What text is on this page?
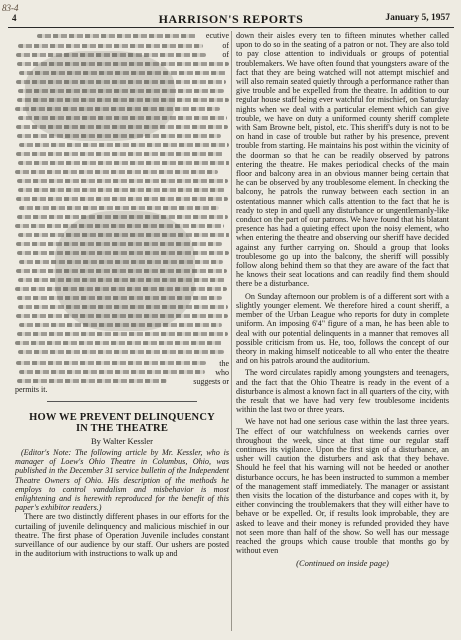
83-4
4	HARRISON'S REPORTS	January 5, 1957
ecutive
of
of
the
who
suggests or
permits it.
HOW WE PREVENT DELINQUENCY
IN THE THEATRE
By Walter Kessler

(Editor's Note: The following article by Mr. Kessler, who is manager of Loew's Ohio Theatre in Columbus, Ohio, was published in the December 31 service bulletin of the Independent Theatre Owners of Ohio. His description of the methods he employs to control vandalism and misbehavior is most enlightening and is herewith reproduced for the benefit of this paper's exhibitor readers.)

There are two distinctly different phases in our efforts for the curtailing of juvenile delinquency and malicious mischief in our theatre. The first phase of Operation Juvenile includes constant surveillance of our audience by our staff. Our ushers are posted in the auditorium with instructions to walk up and

down their aisles every ten to fifteen minutes whether called upon to do so in the seating of a patron or not. They are also told to pay close attention to individuals or groups of potential troublemakers. We have often found that youngsters aware of the fact that they are being watched will not attempt mischief and will also remain seated quietly through a performance rather than give trouble and be expelled from the theatre. In addition to our regular house staff being ever watchful for mischief, on Saturday nights when we deal with a particular element which can give trouble, we have on duty a uniformed county sheriff complete with Sam Browne belt, pistol, etc. This sheriff's duty is not to be on hand in case of trouble but rather by his presence, prevent trouble from starting. He maintains his post within the vicinity of the doorman so that he can be readily observed by patrons entering the theatre. He makes periodical checks of the main floor and balcony area in an obvious manner being certain that he can be observed by any troublesome element. In checking the balcony, he patrols the runway between each section in an ostentatious manner which calls attention to the fact that he is ready to step in and quell any disturbance or ungentlemanly-like conduct on the part of our patrons. We have found that his blatant presence has had a quieting effect upon the noisy element, who when entering the theatre and observing our sheriff have decided against any further carrying on. Should a group that looks troublesome go up into the balcony, the sheriff will possibly follow along behind them so that they are aware of the fact that he knows their seat locations and can readily find them should there be a disturbance.

On Sunday afternoon our problem is of a different sort with a slightly younger element. We therefore hired a count sheriff, a member of the Urban League who reports for duty in complete uniform. An imposing 6'4" figure of a man, he has been able to deal with our potential delinquents in a manner that removes all possible criticism from us. He, too, follows the concept of our theory in making himself noticeable to all who enter the theatre and on his patrols around the auditorium.

The word circulates rapidly among youngsters and teenagers, and the fact that the Ohio Theatre is ready in the event of a disturbance is almost a known fact in all quarters of the city, with the result that we have had very few troublesome incidents within the last two or three years.

We have not had one serious case within the last three years. The effect of our watchfulness on weekends carries over throughout the week, since at that time our regular staff continues its vigilance. Upon the first sign of a disturbance, an usher will caution the disturbers and ask that they behave. Should he feel that his warning will not be heeded or another disturbance occurs, he has been instructed to summon a member of the management staff immediately. The manager or assistant then visits the location of the disturbance and copes with it, by either convincing the troublemakers that they will either have to behave or be expelled. Or, if results look improbable, they are asked to leave and their money is refunded provided they have not seen more than half of the show. So well has our message reached the groups which cause trouble that months go by without even

(Continued on inside page)
